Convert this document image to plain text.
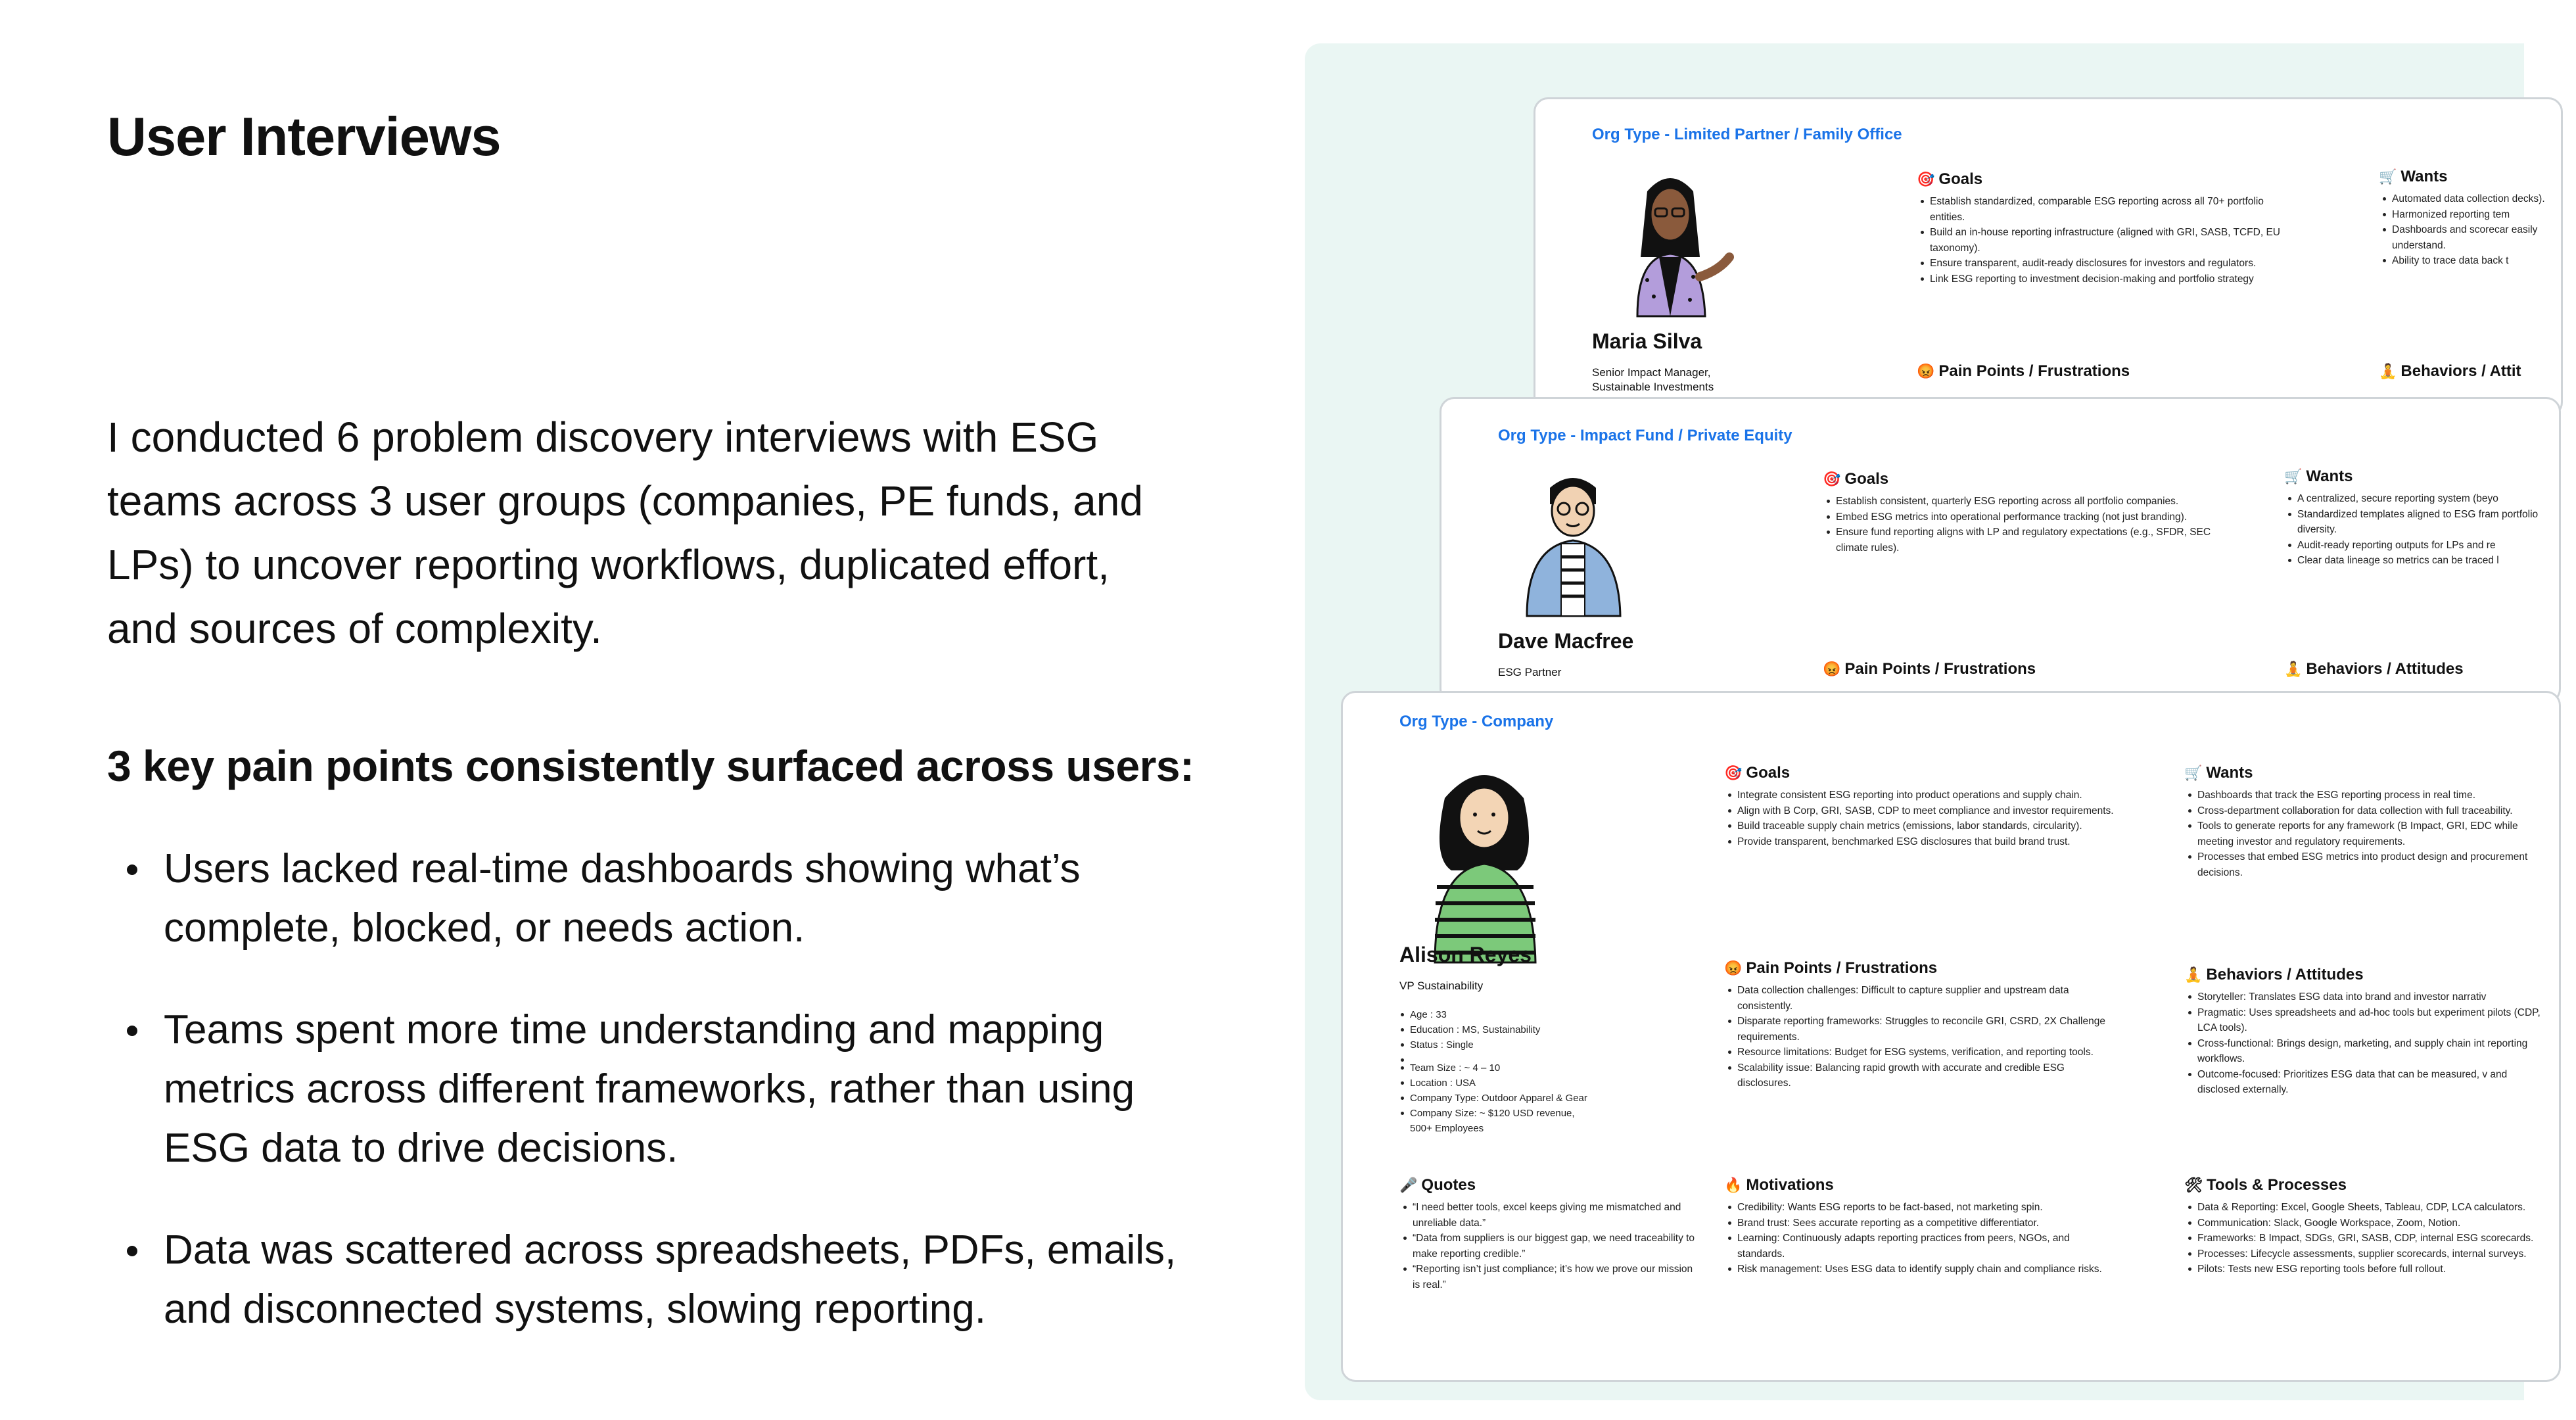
User Interviews

I conducted 6 problem discovery interviews with ESG teams across 3 user groups (companies, PE funds, and LPs) to uncover reporting workflows, duplicated effort, and sources of complexity.

3 key pain points consistently surfaced across users:
Users lacked real-time dashboards showing what’s complete, blocked, or needs action.
Teams spent more time understanding and mapping metrics across different frameworks, rather than using ESG data to drive decisions.
Data was scattered across spreadsheets, PDFs, emails, and disconnected systems, slowing reporting.
Org Type - Limited Partner / Family Office
Maria Silva
Senior Impact Manager, Sustainable Investments
🎯 Goals
Establish standardized, comparable ESG reporting across all 70+ portfolio entities.
Build an in-house reporting infrastructure (aligned with GRI, SASB, TCFD, EU taxonomy).
Ensure transparent, audit-ready disclosures for investors and regulators.
Link ESG reporting to investment decision-making and portfolio strategy
🛒 Wants
Automated data collection decks).
Harmonized reporting tem
Dashboards and scorecar easily understand.
Ability to trace data back t
😡 Pain Points / Frustrations	🧘 Behaviors / Attit
Org Type - Impact Fund / Private Equity
Dave Macfree
ESG Partner
🎯 Goals
Establish consistent, quarterly ESG reporting across all portfolio companies.
Embed ESG metrics into operational performance tracking (not just branding).
Ensure fund reporting aligns with LP and regulatory expectations (e.g., SFDR, SEC climate rules).
🛒 Wants
A centralized, secure reporting system (beyo
Standardized templates aligned to ESG fram portfolio diversity.
Audit-ready reporting outputs for LPs and re
Clear data lineage so metrics can be traced l
😡 Pain Points / Frustrations	🧘 Behaviors / Attitudes
Org Type - Company
Alison Reyes
VP Sustainability
Age : 33
Education : MS, Sustainability
Status : Single
Team Size : ~ 4 – 10
Location : USA
Company Type: Outdoor Apparel & Gear
Company Size: ~ $120 USD revenue, 500+ Employees
🎯 Goals
Integrate consistent ESG reporting into product operations and supply chain.
Align with B Corp, GRI, SASB, CDP to meet compliance and investor requirements.
Build traceable supply chain metrics (emissions, labor standards, circularity).
Provide transparent, benchmarked ESG disclosures that build brand trust.
🛒 Wants
Dashboards that track the ESG reporting process in real time.
Cross-department collaboration for data collection with full traceability.
Tools to generate reports for any framework (B Impact, GRI, EDC while meeting investor and regulatory requirements.
Processes that embed ESG metrics into product design and procurement decisions.
😡 Pain Points / Frustrations
Data collection challenges: Difficult to capture supplier and upstream data consistently.
Disparate reporting frameworks: Struggles to reconcile GRI, CSRD, 2X Challenge requirements.
Resource limitations: Budget for ESG systems, verification, and reporting tools.
Scalability issue: Balancing rapid growth with accurate and credible ESG disclosures.
🧘 Behaviors / Attitudes
Storyteller: Translates ESG data into brand and investor narrativ
Pragmatic: Uses spreadsheets and ad-hoc tools but experiment pilots (CDP, LCA tools).
Cross-functional: Brings design, marketing, and supply chain int reporting workflows.
Outcome-focused: Prioritizes ESG data that can be measured, v and disclosed externally.
🎤 Quotes
“I need better tools, excel keeps giving me mismatched and unreliable data.”
“Data from suppliers is our biggest gap, we need traceability to make reporting credible.”
“Reporting isn’t just compliance; it’s how we prove our mission is real.”
🔥 Motivations
Credibility: Wants ESG reports to be fact-based, not marketing spin.
Brand trust: Sees accurate reporting as a competitive differentiator.
Learning: Continuously adapts reporting practices from peers, NGOs, and standards.
Risk management: Uses ESG data to identify supply chain and compliance risks.
🛠 Tools & Processes
Data & Reporting: Excel, Google Sheets, Tableau, CDP, LCA calculators.
Communication: Slack, Google Workspace, Zoom, Notion.
Frameworks: B Impact, SDGs, GRI, SASB, CDP, internal ESG scorecards.
Processes: Lifecycle assessments, supplier scorecards, internal surveys.
Pilots: Tests new ESG reporting tools before full rollout.
